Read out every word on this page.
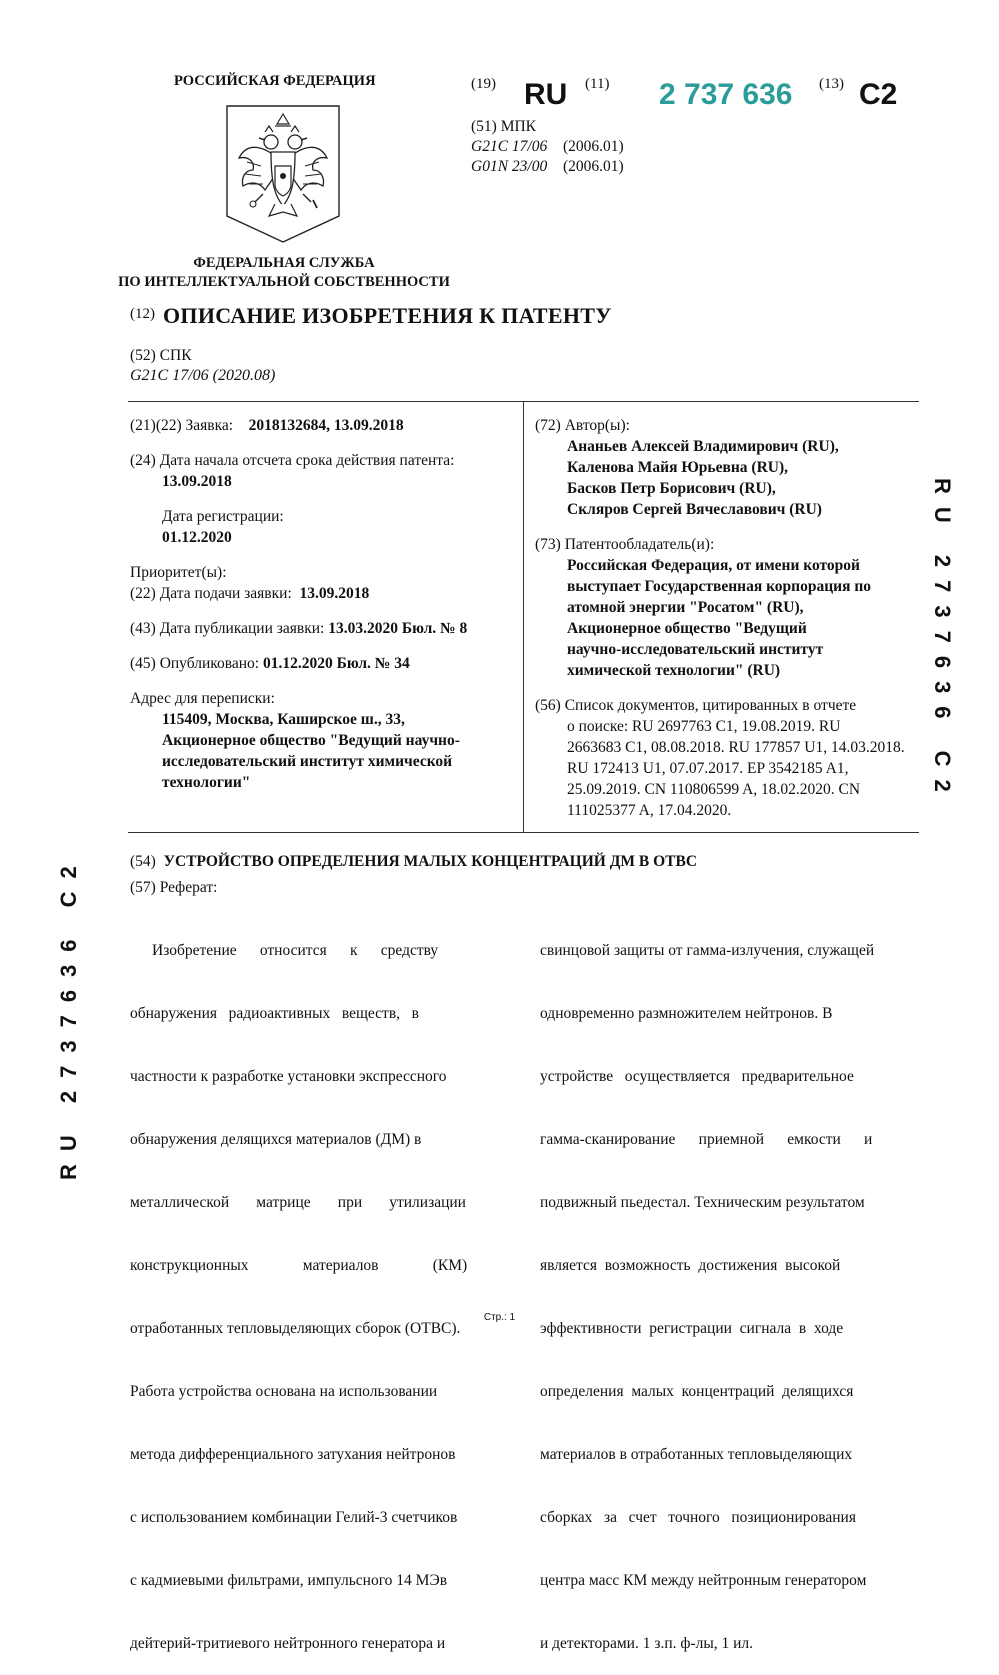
РОССИЙСКАЯ ФЕДЕРАЦИЯ
ФЕДЕРАЛЬНАЯ СЛУЖБА
ПО ИНТЕЛЛЕКТУАЛЬНОЙ СОБСТВЕННОСТИ
(19) RU (11) 2 737 636 (13) C2
(51) МПК
G21C 17/06 (2006.01)
G01N 23/00 (2006.01)
(12) ОПИСАНИЕ ИЗОБРЕТЕНИЯ К ПАТЕНТУ
(52) СПК
G21C 17/06 (2020.08)
(21)(22) Заявка: 2018132684, 13.09.2018
(24) Дата начала отсчета срока действия патента:
13.09.2018
Дата регистрации:
01.12.2020
Приоритет(ы):
(22) Дата подачи заявки: 13.09.2018
(43) Дата публикации заявки: 13.03.2020 Бюл. № 8
(45) Опубликовано: 01.12.2020 Бюл. № 34
Адрес для переписки:
115409, Москва, Каширское ш., 33,
Акционерное общество "Ведущий научно-
исследовательский институт химической
технологии"
(72) Автор(ы):
Ананьев Алексей Владимирович (RU),
Каленова Майя Юрьевна (RU),
Басков Петр Борисович (RU),
Скляров Сергей Вячеславович (RU)
(73) Патентообладатель(и):
Российская Федерация, от имени которой
выступает Государственная корпорация по
атомной энергии "Росатом" (RU),
Акционерное общество "Ведущий
научно-исследовательский институт
химической технологии" (RU)
(56) Список документов, цитированных в отчете
о поиске: RU 2697763 C1, 19.08.2019. RU
2663683 C1, 08.08.2018. RU 177857 U1, 14.03.2018.
RU 172413 U1, 07.07.2017. EP 3542185 A1,
25.09.2019. CN 110806599 A, 18.02.2020. CN
111025377 A, 17.04.2020.
(54) УСТРОЙСТВО ОПРЕДЕЛЕНИЯ МАЛЫХ КОНЦЕНТРАЦИЙ ДМ В ОТВС
(57) Реферат:

Изобретение      относится      к      средству

обнаружения   радиоактивных   веществ,   в

частности к разработке установки экспрессного

обнаружения делящихся материалов (ДМ) в

металлической       матрице       при       утилизации

конструкционных              материалов              (КМ)

отработанных тепловыделяющих сборок (ОТВС).

Работа устройства основана на использовании

метода дифференциального затухания нейтронов

с использованием комбинации Гелий-3 счетчиков

с кадмиевыми фильтрами, импульсного 14 МЭв

дейтерий-тритиевого нейтронного генератора и

свинцовой защиты от гамма-излучения, служащей

одновременно размножителем нейтронов. В

устройстве   осуществляется   предварительное

гамма-сканирование      приемной      емкости      и

подвижный пьедестал. Техническим результатом

является  возможность  достижения  высокой

эффективности  регистрации  сигнала  в  ходе

определения  малых  концентраций  делящихся

материалов в отработанных тепловыделяющих

сборках   за   счет   точного   позиционирования

центра масс КМ между нейтронным генератором

и детекторами. 1 з.п. ф-лы, 1 ил.

RU 2737636 C2
RU 2737636 C2
Стр.: 1
